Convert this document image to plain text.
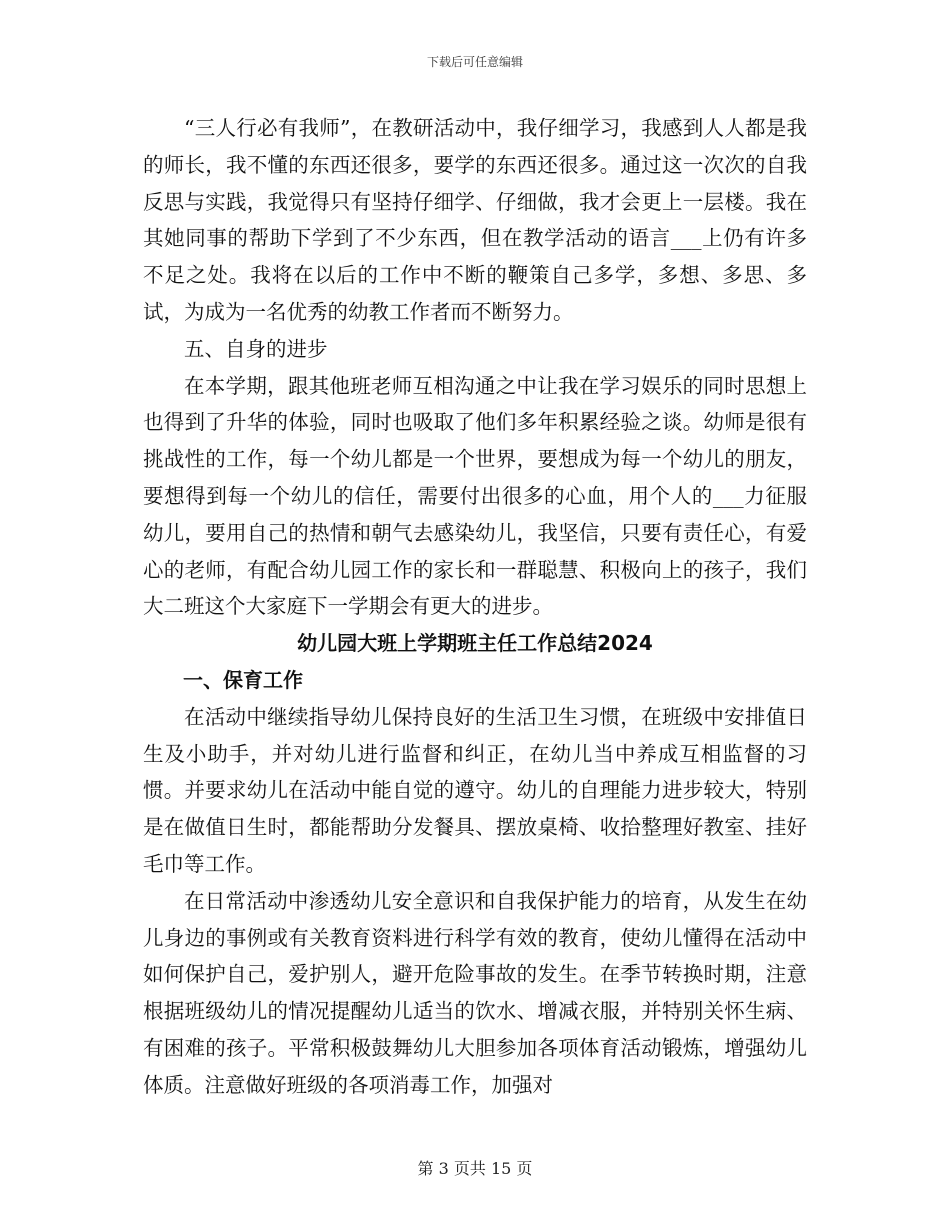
下载后可任意编辑

“三人行必有我师”，在教研活动中，我仔细学习，我感到人人都是我的师长，我不懂的东西还很多，要学的东西还很多。通过这一次次的自我反思与实践，我觉得只有坚持仔细学、仔细做，我才会更上一层楼。我在其她同事的帮助下学到了不少东西，但在教学活动的语言___上仍有许多不足之处。我将在以后的工作中不断的鞭策自己多学，多想、多思、多试，为成为一名优秀的幼教工作者而不断努力。

五、自身的进步

在本学期，跟其他班老师互相沟通之中让我在学习娱乐的同时思想上也得到了升华的体验，同时也吸取了他们多年积累经验之谈。幼师是很有挑战性的工作，每一个幼儿都是一个世界，要想成为每一个幼儿的朋友，要想得到每一个幼儿的信任，需要付出很多的心血，用个人的___力征服幼儿，要用自己的热情和朝气去感染幼儿，我坚信，只要有责任心，有爱心的老师，有配合幼儿园工作的家长和一群聪慧、积极向上的孩子，我们大二班这个大家庭下一学期会有更大的进步。

幼儿园大班上学期班主任工作总结2024

一、保育工作

在活动中继续指导幼儿保持良好的生活卫生习惯，在班级中安排值日生及小助手，并对幼儿进行监督和纠正，在幼儿当中养成互相监督的习惯。并要求幼儿在活动中能自觉的遵守。幼儿的自理能力进步较大，特别是在做值日生时，都能帮助分发餐具、摆放桌椅、收拾整理好教室、挂好毛巾等工作。

在日常活动中渗透幼儿安全意识和自我保护能力的培育，从发生在幼儿身边的事例或有关教育资料进行科学有效的教育，使幼儿懂得在活动中如何保护自己，爱护别人，避开危险事故的发生。在季节转换时期，注意根据班级幼儿的情况提醒幼儿适当的饮水、增减衣服，并特别关怀生病、有困难的孩子。平常积极鼓舞幼儿大胆参加各项体育活动锻炼，增强幼儿体质。注意做好班级的各项消毒工作，加强对

第 3 页共 15 页
